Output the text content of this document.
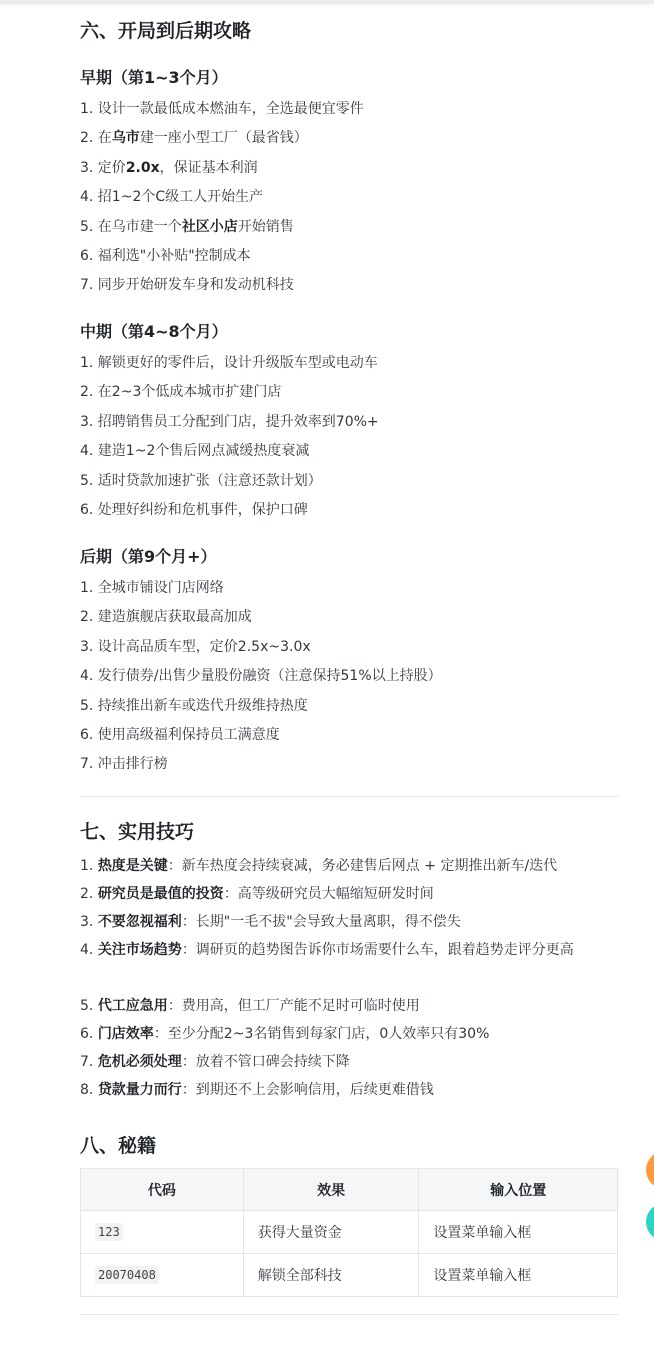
六、开局到后期攻略
早期（第1~3个月）
1. 设计一款最低成本燃油车，全选最便宜零件
2. 在乌市建一座小型工厂（最省钱）
3. 定价2.0x，保证基本利润
4. 招1~2个C级工人开始生产
5. 在乌市建一个社区小店开始销售
6. 福利选"小补贴"控制成本
7. 同步开始研发车身和发动机科技
中期（第4~8个月）
1. 解锁更好的零件后，设计升级版车型或电动车
2. 在2~3个低成本城市扩建门店
3. 招聘销售员工分配到门店，提升效率到70%+
4. 建造1~2个售后网点减缓热度衰减
5. 适时贷款加速扩张（注意还款计划）
6. 处理好纠纷和危机事件，保护口碑
后期（第9个月+）
1. 全城市铺设门店网络
2. 建造旗舰店获取最高加成
3. 设计高品质车型，定价2.5x~3.0x
4. 发行债券/出售少量股份融资（注意保持51%以上持股）
5. 持续推出新车或迭代升级维持热度
6. 使用高级福利保持员工满意度
7. 冲击排行榜
七、实用技巧
1. 热度是关键：新车热度会持续衰减，务必建售后网点 + 定期推出新车/迭代
2. 研究员是最值的投资：高等级研究员大幅缩短研发时间
3. 不要忽视福利：长期"一毛不拔"会导致大量离职，得不偿失
4. 关注市场趋势：调研页的趋势图告诉你市场需要什么车，跟着趋势走评分更高
5. 代工应急用：费用高，但工厂产能不足时可临时使用
6. 门店效率：至少分配2~3名销售到每家门店，0人效率只有30%
7. 危机必须处理：放着不管口碑会持续下降
8. 贷款量力而行：到期还不上会影响信用，后续更难借钱
八、秘籍
代码	效果	输入位置
123	获得大量资金	设置菜单输入框
20070408	解锁全部科技	设置菜单输入框
